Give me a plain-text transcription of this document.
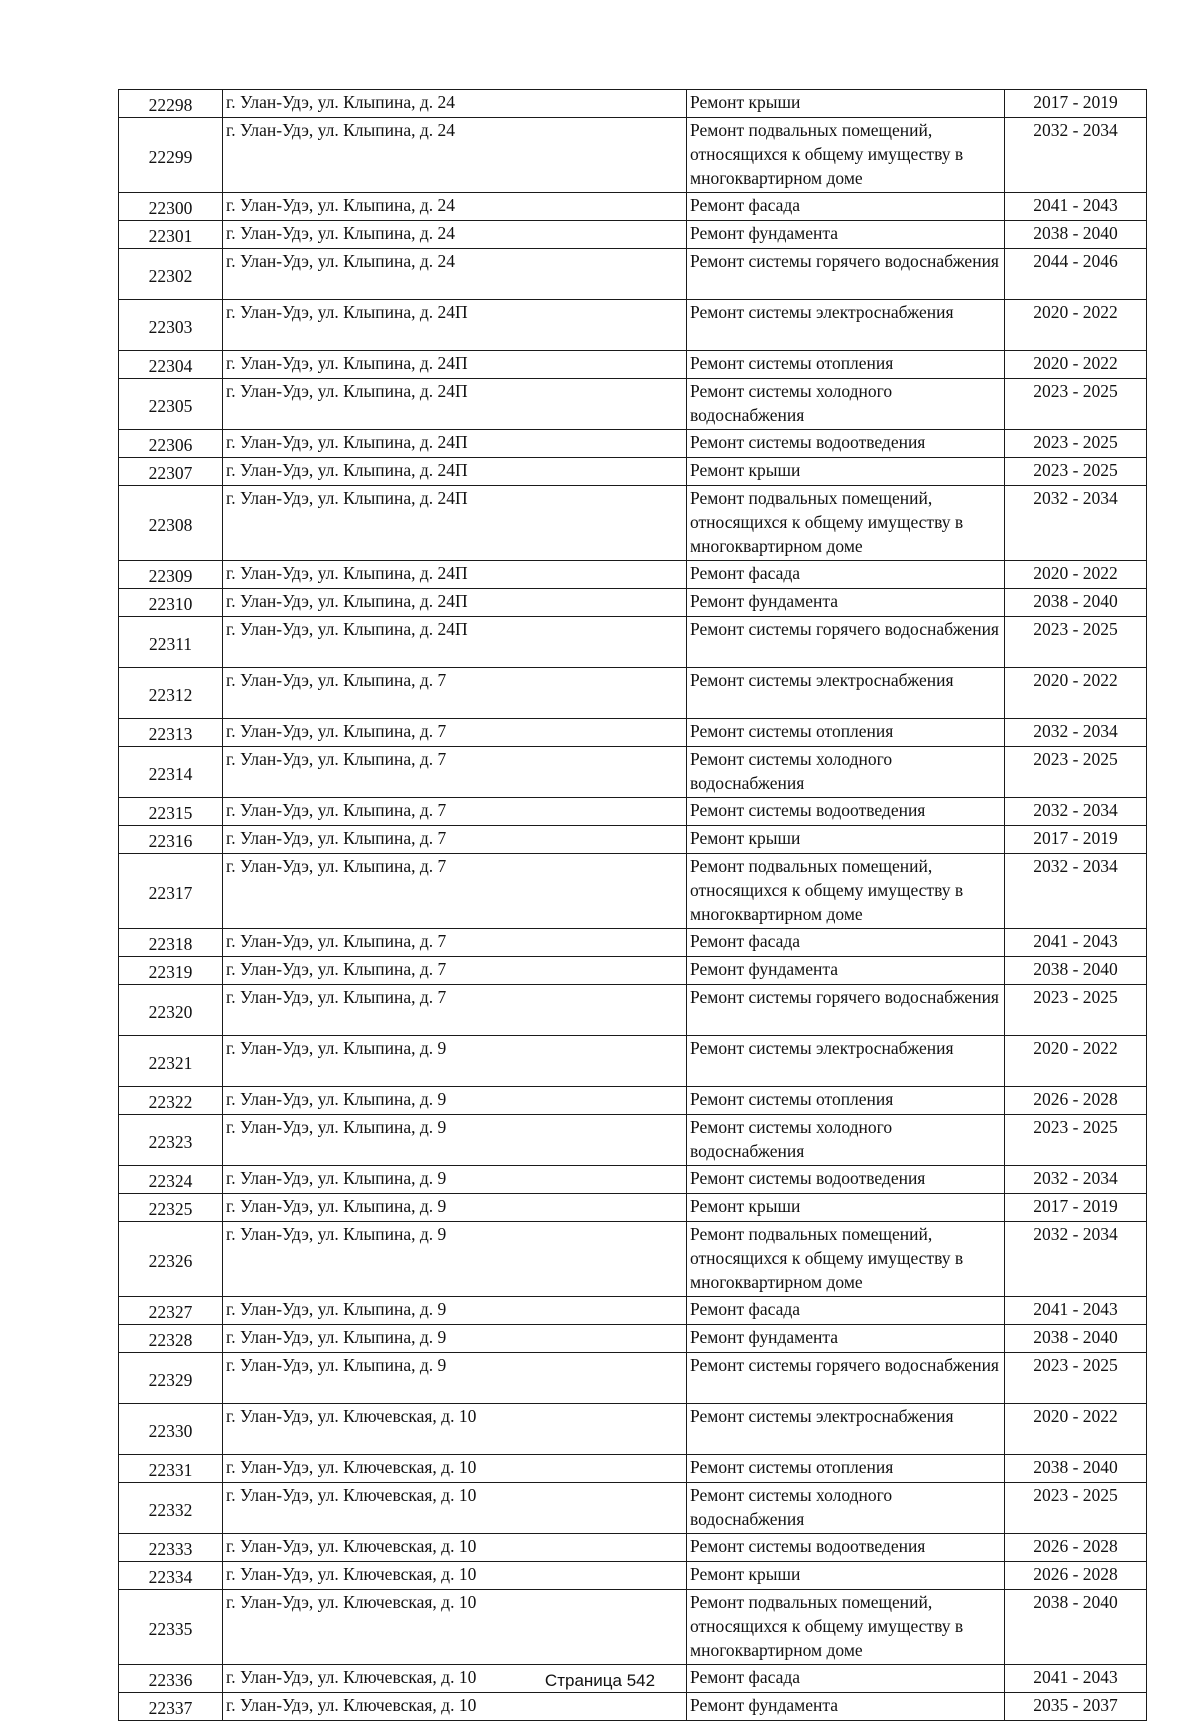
22298	г. Улан-Удэ, ул. Клыпина, д. 24	Ремонт крыши	2017 - 2019
22299	г. Улан-Удэ, ул. Клыпина, д. 24	Ремонт подвальных помещений, относящихся к общему имуществу в многоквартирном доме	2032 - 2034
22300	г. Улан-Удэ, ул. Клыпина, д. 24	Ремонт фасада	2041 - 2043
22301	г. Улан-Удэ, ул. Клыпина, д. 24	Ремонт фундамента	2038 - 2040
22302	г. Улан-Удэ, ул. Клыпина, д. 24	Ремонт системы горячего водоснабжения	2044 - 2046
22303	г. Улан-Удэ, ул. Клыпина, д. 24П	Ремонт системы электроснабжения	2020 - 2022
22304	г. Улан-Удэ, ул. Клыпина, д. 24П	Ремонт системы отопления	2020 - 2022
22305	г. Улан-Удэ, ул. Клыпина, д. 24П	Ремонт системы холодного водоснабжения	2023 - 2025
22306	г. Улан-Удэ, ул. Клыпина, д. 24П	Ремонт системы водоотведения	2023 - 2025
22307	г. Улан-Удэ, ул. Клыпина, д. 24П	Ремонт крыши	2023 - 2025
22308	г. Улан-Удэ, ул. Клыпина, д. 24П	Ремонт подвальных помещений, относящихся к общему имуществу в многоквартирном доме	2032 - 2034
22309	г. Улан-Удэ, ул. Клыпина, д. 24П	Ремонт фасада	2020 - 2022
22310	г. Улан-Удэ, ул. Клыпина, д. 24П	Ремонт фундамента	2038 - 2040
22311	г. Улан-Удэ, ул. Клыпина, д. 24П	Ремонт системы горячего водоснабжения	2023 - 2025
22312	г. Улан-Удэ, ул. Клыпина, д. 7	Ремонт системы электроснабжения	2020 - 2022
22313	г. Улан-Удэ, ул. Клыпина, д. 7	Ремонт системы отопления	2032 - 2034
22314	г. Улан-Удэ, ул. Клыпина, д. 7	Ремонт системы холодного водоснабжения	2023 - 2025
22315	г. Улан-Удэ, ул. Клыпина, д. 7	Ремонт системы водоотведения	2032 - 2034
22316	г. Улан-Удэ, ул. Клыпина, д. 7	Ремонт крыши	2017 - 2019
22317	г. Улан-Удэ, ул. Клыпина, д. 7	Ремонт подвальных помещений, относящихся к общему имуществу в многоквартирном доме	2032 - 2034
22318	г. Улан-Удэ, ул. Клыпина, д. 7	Ремонт фасада	2041 - 2043
22319	г. Улан-Удэ, ул. Клыпина, д. 7	Ремонт фундамента	2038 - 2040
22320	г. Улан-Удэ, ул. Клыпина, д. 7	Ремонт системы горячего водоснабжения	2023 - 2025
22321	г. Улан-Удэ, ул. Клыпина, д. 9	Ремонт системы электроснабжения	2020 - 2022
22322	г. Улан-Удэ, ул. Клыпина, д. 9	Ремонт системы отопления	2026 - 2028
22323	г. Улан-Удэ, ул. Клыпина, д. 9	Ремонт системы холодного водоснабжения	2023 - 2025
22324	г. Улан-Удэ, ул. Клыпина, д. 9	Ремонт системы водоотведения	2032 - 2034
22325	г. Улан-Удэ, ул. Клыпина, д. 9	Ремонт крыши	2017 - 2019
22326	г. Улан-Удэ, ул. Клыпина, д. 9	Ремонт подвальных помещений, относящихся к общему имуществу в многоквартирном доме	2032 - 2034
22327	г. Улан-Удэ, ул. Клыпина, д. 9	Ремонт фасада	2041 - 2043
22328	г. Улан-Удэ, ул. Клыпина, д. 9	Ремонт фундамента	2038 - 2040
22329	г. Улан-Удэ, ул. Клыпина, д. 9	Ремонт системы горячего водоснабжения	2023 - 2025
22330	г. Улан-Удэ, ул. Ключевская, д. 10	Ремонт системы электроснабжения	2020 - 2022
22331	г. Улан-Удэ, ул. Ключевская, д. 10	Ремонт системы отопления	2038 - 2040
22332	г. Улан-Удэ, ул. Ключевская, д. 10	Ремонт системы холодного водоснабжения	2023 - 2025
22333	г. Улан-Удэ, ул. Ключевская, д. 10	Ремонт системы водоотведения	2026 - 2028
22334	г. Улан-Удэ, ул. Ключевская, д. 10	Ремонт крыши	2026 - 2028
22335	г. Улан-Удэ, ул. Ключевская, д. 10	Ремонт подвальных помещений, относящихся к общему имуществу в многоквартирном доме	2038 - 2040
22336	г. Улан-Удэ, ул. Ключевская, д. 10	Ремонт фасада	2041 - 2043
22337	г. Улан-Удэ, ул. Ключевская, д. 10	Ремонт фундамента	2035 - 2037
Страница 542
